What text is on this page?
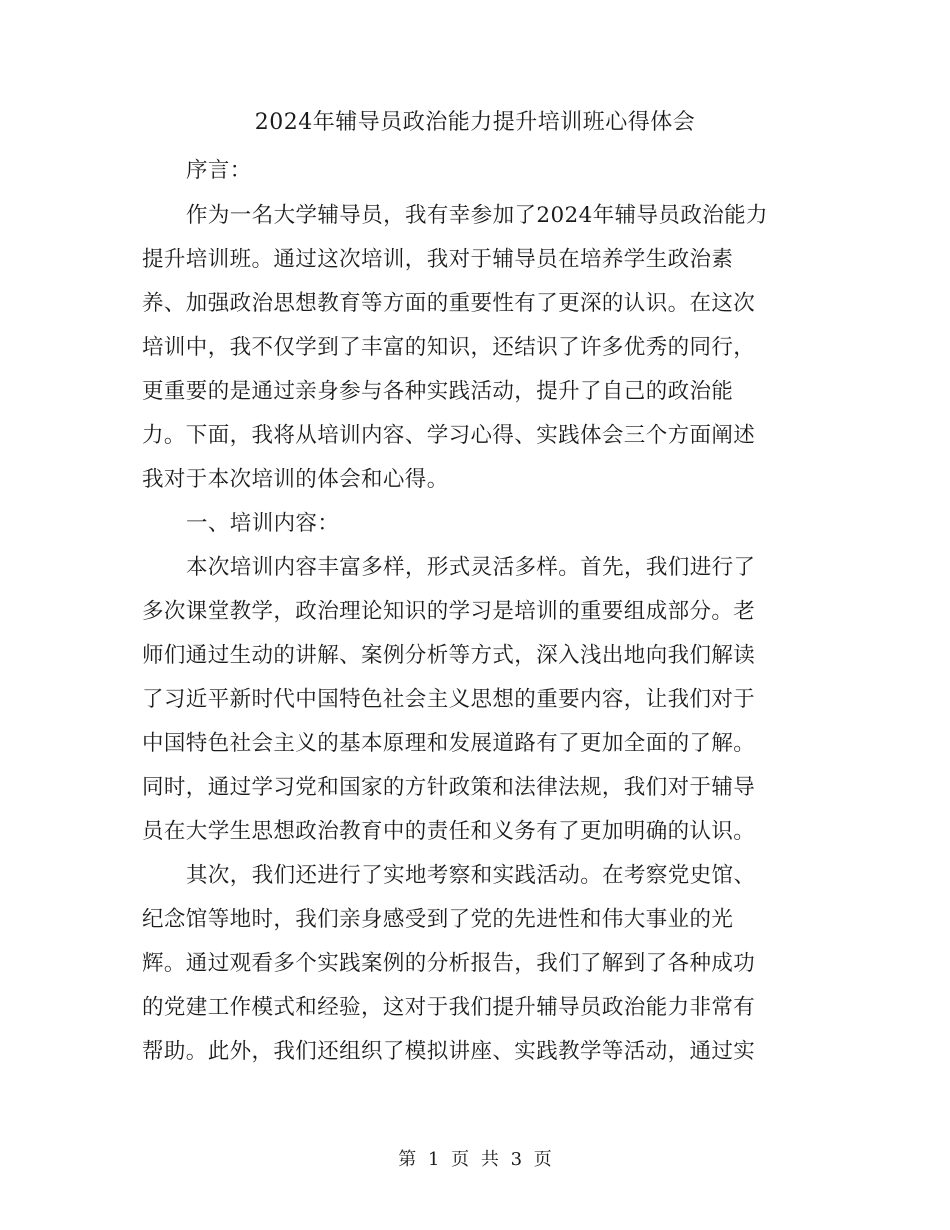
2024年辅导员政治能力提升培训班心得体会
序言：
作为一名大学辅导员，我有幸参加了2024年辅导员政治能力
提升培训班。通过这次培训，我对于辅导员在培养学生政治素
养、加强政治思想教育等方面的重要性有了更深的认识。在这次
培训中，我不仅学到了丰富的知识，还结识了许多优秀的同行，
更重要的是通过亲身参与各种实践活动，提升了自己的政治能
力。下面，我将从培训内容、学习心得、实践体会三个方面阐述
我对于本次培训的体会和心得。
一、培训内容：
本次培训内容丰富多样，形式灵活多样。首先，我们进行了
多次课堂教学，政治理论知识的学习是培训的重要组成部分。老
师们通过生动的讲解、案例分析等方式，深入浅出地向我们解读
了习近平新时代中国特色社会主义思想的重要内容，让我们对于
中国特色社会主义的基本原理和发展道路有了更加全面的了解。
同时，通过学习党和国家的方针政策和法律法规，我们对于辅导
员在大学生思想政治教育中的责任和义务有了更加明确的认识。
其次，我们还进行了实地考察和实践活动。在考察党史馆、
纪念馆等地时，我们亲身感受到了党的先进性和伟大事业的光
辉。通过观看多个实践案例的分析报告，我们了解到了各种成功
的党建工作模式和经验，这对于我们提升辅导员政治能力非常有
帮助。此外，我们还组织了模拟讲座、实践教学等活动，通过实
第 1 页 共 3 页
